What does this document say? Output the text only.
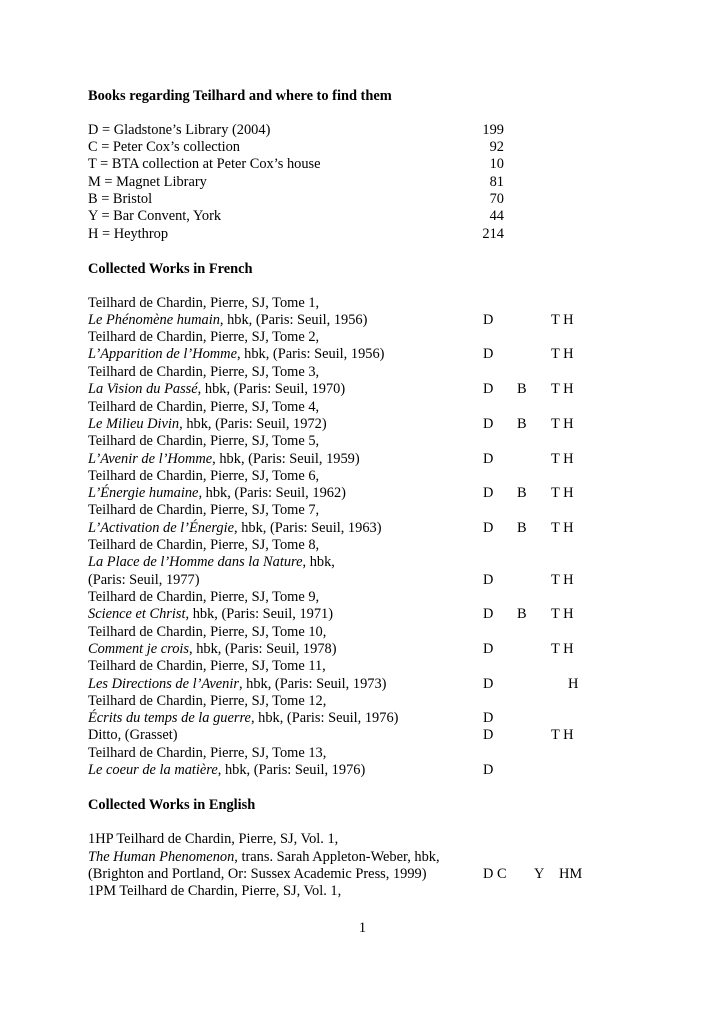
Books regarding Teilhard and where to find them
D = Gladstone’s Library (2004)	199
C = Peter Cox’s collection	92
T = BTA collection at Peter Cox’s house	10
M = Magnet Library	81
B = Bristol	70
Y = Bar Convent, York	44
H = Heythrop	214
Collected Works in French
Teilhard de Chardin, Pierre, SJ, Tome 1,
Le Phénomène humain, hbk, (Paris: Seuil, 1956)	D	T H
Teilhard de Chardin, Pierre, SJ, Tome 2,
L’Apparition de l’Homme, hbk, (Paris: Seuil, 1956)	D	T H
Teilhard de Chardin, Pierre, SJ, Tome 3,
La Vision du Passé, hbk, (Paris: Seuil, 1970)	D B T H
Teilhard de Chardin, Pierre, SJ, Tome 4,
Le Milieu Divin, hbk, (Paris: Seuil, 1972)	D B T H
Teilhard de Chardin, Pierre, SJ, Tome 5,
L’Avenir de l’Homme, hbk, (Paris: Seuil, 1959)	D	T H
Teilhard de Chardin, Pierre, SJ, Tome 6,
L’Énergie humaine, hbk, (Paris: Seuil, 1962)	D B T H
Teilhard de Chardin, Pierre, SJ, Tome 7,
L’Activation de l’Énergie, hbk, (Paris: Seuil, 1963)	D B T H
Teilhard de Chardin, Pierre, SJ, Tome 8,
La Place de l’Homme dans la Nature, hbk,
(Paris: Seuil, 1977)	D	T H
Teilhard de Chardin, Pierre, SJ, Tome 9,
Science et Christ, hbk, (Paris: Seuil, 1971)	D B T H
Teilhard de Chardin, Pierre, SJ, Tome 10,
Comment je crois, hbk, (Paris: Seuil, 1978)	D	T H
Teilhard de Chardin, Pierre, SJ, Tome 11,
Les Directions de l’Avenir, hbk, (Paris: Seuil, 1973)	D	H
Teilhard de Chardin, Pierre, SJ, Tome 12,
Écrits du temps de la guerre, hbk, (Paris: Seuil, 1976)	D
Ditto, (Grasset)	D	T H
Teilhard de Chardin, Pierre, SJ, Tome 13,
Le coeur de la matière, hbk, (Paris: Seuil, 1976)	D
Collected Works in English
1HP Teilhard de Chardin, Pierre, SJ, Vol. 1,
The Human Phenomenon, trans. Sarah Appleton-Weber, hbk,
(Brighton and Portland, Or: Sussex Academic Press, 1999)	D C Y HM
1PM Teilhard de Chardin, Pierre, SJ, Vol. 1,
1
